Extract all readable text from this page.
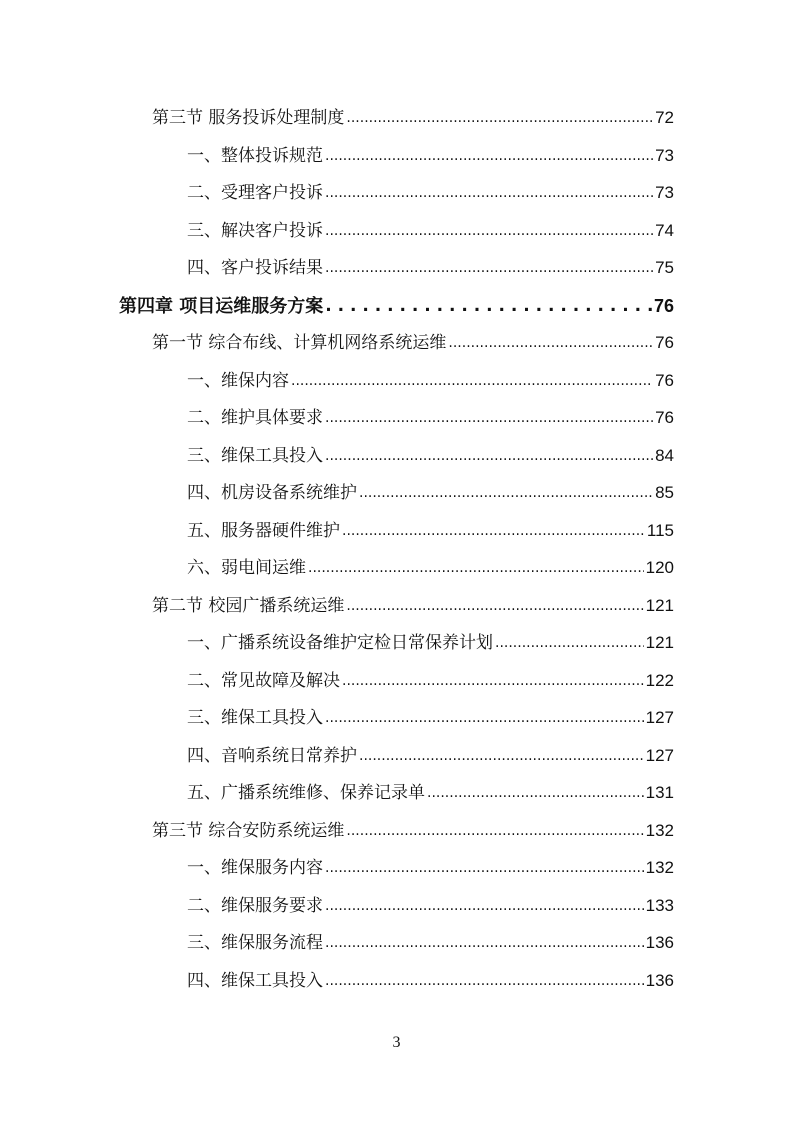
第三节 服务投诉处理制度 .....	72
一、整体投诉规范 .....	73
二、受理客户投诉 .....	73
三、解决客户投诉 .....	74
四、客户投诉结果 .....	75
第四章 项目运维服务方案 . . .	76
第一节 综合布线、计算机网络系统运维 .....	76
一、维保内容 .....	76
二、维护具体要求 .....	76
三、维保工具投入 .....	84
四、机房设备系统维护 .....	85
五、服务器硬件维护 .....	115
六、弱电间运维 .....	120
第二节 校园广播系统运维 .....	121
一、广播系统设备维护定检日常保养计划 .....	121
二、常见故障及解决 .....	122
三、维保工具投入 .....	127
四、音响系统日常养护 .....	127
五、广播系统维修、保养记录单 .....	131
第三节 综合安防系统运维 .....	132
一、维保服务内容 .....	132
二、维保服务要求 .....	133
三、维保服务流程 .....	136
四、维保工具投入 .....	136
3
